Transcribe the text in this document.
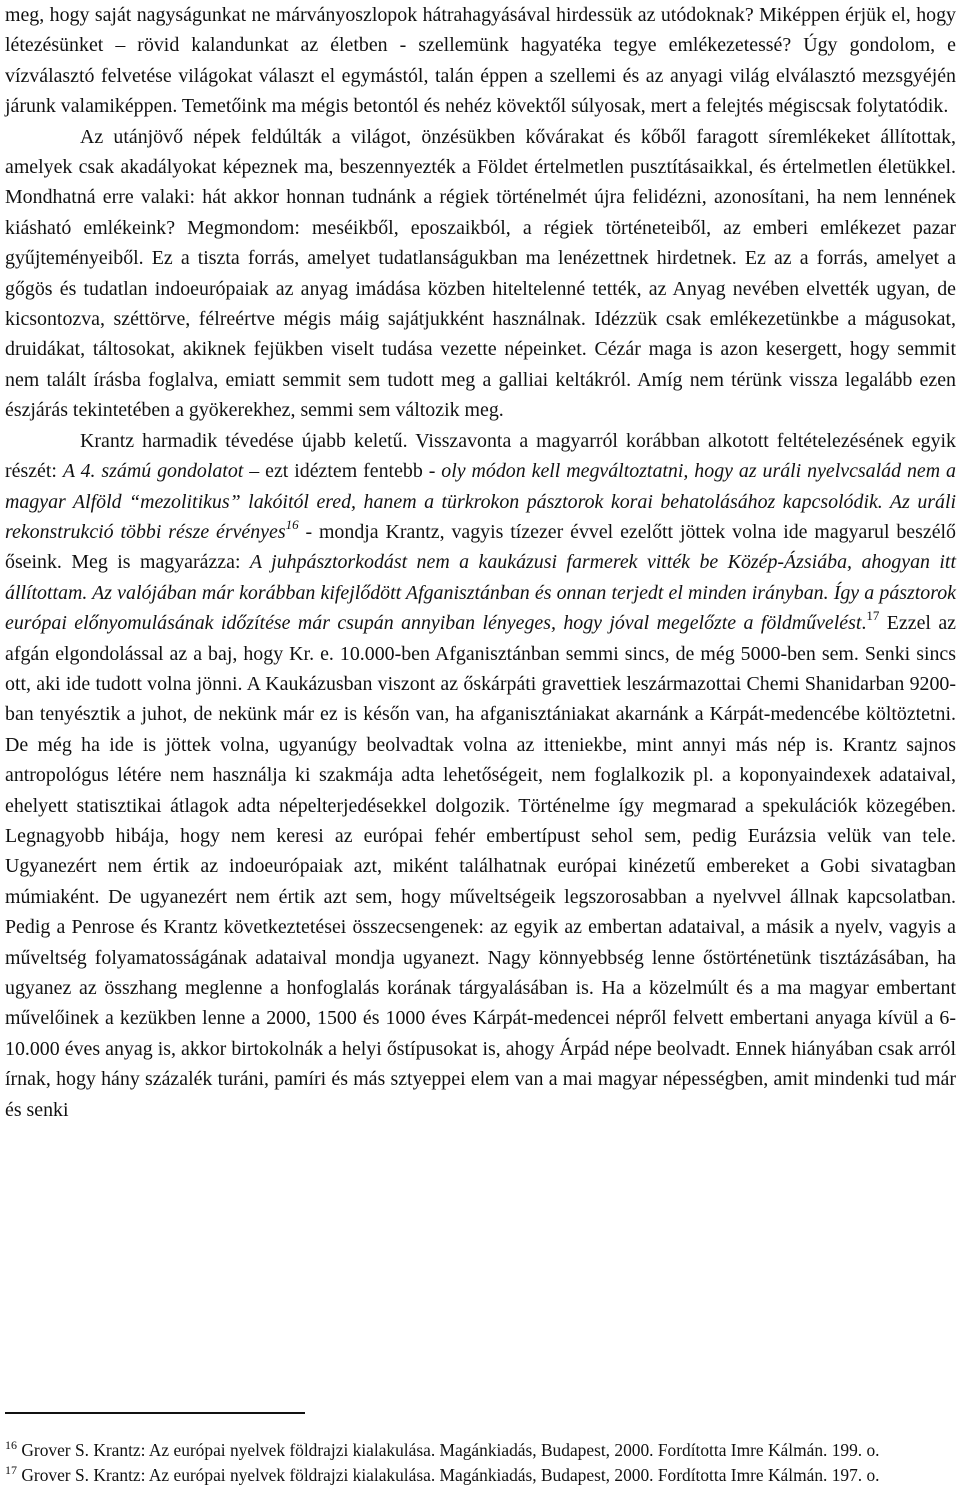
meg, hogy saját nagyságunkat ne márványoszlopok hátrahagyásával hirdessük az utódoknak? Miképpen érjük el, hogy létezésünket – rövid kalandunkat az életben - szellemünk hagyatéka tegye emlékezetessé? Úgy gondolom, e vízválasztó felvetése világokat választ el egymástól, talán éppen a szellemi és az anyagi világ elválasztó mezsgyéjén járunk valamiképpen. Temetőink ma mégis betontól és nehéz kövektől súlyosak, mert a felejtés mégiscsak folytatódik.

Az utánjövő népek feldúlták a világot, önzésükben kővárakat és kőből faragott síremlékeket állítottak, amelyek csak akadályokat képeznek ma, beszennyezték a Földet értelmetlen pusztításaikkal, és értelmetlen életükkel. Mondhatná erre valaki: hát akkor honnan tudnánk a régiek történelmét újra felidézni, azonosítani, ha nem lennének kiásható emlékeink? Megmondom: meséikből, eposzaikból, a régiek történeteiből, az emberi emlékezet pazar gyűjteményeiből. Ez a tiszta forrás, amelyet tudatlanságukban ma lenézettnek hirdetnek. Ez az a forrás, amelyet a gőgös és tudatlan indoeurópaiak az anyag imádása közben hiteltelenné tették, az Anyag nevében elvették ugyan, de kicsontozva, széttörve, félreértve mégis máig sajátjukként használnak. Idézzük csak emlékezetünkbe a mágusokat, druidákat, táltosokat, akiknek fejükben viselt tudása vezette népeinket. Cézár maga is azon kesergett, hogy semmit nem talált írásba foglalva, emiatt semmit sem tudott meg a galliai keltákról. Amíg nem térünk vissza legalább ezen észjárás tekintetében a gyökerekhez, semmi sem változik meg.

Krantz harmadik tévedése újabb keletű. Visszavonta a magyarról korábban alkotott feltételezésének egyik részét: A 4. számú gondolatot – ezt idéztem fentebb - oly módon kell megváltoztatni, hogy az uráli nyelvcsalád nem a magyar Alföld “mezolitikus” lakóitól ered, hanem a türkrokon pásztorok korai behatolásához kapcsolódik. Az uráli rekonstrukció többi része érvényes$^{16}$ - mondja Krantz, vagyis tízezer évvel ezelőtt jöttek volna ide magyarul beszélő őseink. Meg is magyarázza: A juhpásztorkodást nem a kaukázusi farmerek vitték be Közép-Ázsiába, ahogyan itt állítottam. Az valójában már korábban kifejlődött Afganisztánban és onnan terjedt el minden irányban. Így a pásztorok európai előnyomulásának időzítése már csupán annyiban lényeges, hogy jóval megelőzte a földművelést.$^{17}$ Ezzel az afgán elgondolással az a baj, hogy Kr. e. 10.000-ben Afganisztánban semmi sincs, de még 5000-ben sem. Senki sincs ott, aki ide tudott volna jönni. A Kaukázusban viszont az őskárpáti gravettiek leszármazottai Chemi Shanidarban 9200-ban tenyésztik a juhot, de nekünk már ez is későn van, ha afganisztániakat akarnánk a Kárpát-medencébe költöztetni. De még ha ide is jöttek volna, ugyanúgy beolvadtak volna az itteniekbe, mint annyi más nép is. Krantz sajnos antropológus létére nem használja ki szakmája adta lehetőségeit, nem foglalkozik pl. a koponyaindexek adataival, ehelyett statisztikai átlagok adta népelterjedésekkel dolgozik. Történelme így megmarad a spekulációk közegében. Legnagyobb hibája, hogy nem keresi az európai fehér embertípust sehol sem, pedig Eurázsia velük van tele. Ugyanezért nem értik az indoeurópaiak azt, miként találhatnak európai kinézetű embereket a Gobi sivatagban múmiaként. De ugyanezért nem értik azt sem, hogy műveltségeik legszorosabban a nyelvvel állnak kapcsolatban. Pedig a Penrose és Krantz következtetései összecsengenek: az egyik az embertan adataival, a másik a nyelv, vagyis a műveltség folyamatosságának adataival mondja ugyanezt. Nagy könnyebbség lenne őstörténetünk tisztázásában, ha ugyanez az összhang meglenne a honfoglalás korának tárgyalásában is. Ha a közelmúlt és a ma magyar embertant művelőinek a kezükben lenne a 2000, 1500 és 1000 éves Kárpát-medencei népről felvett embertani anyaga kívül a 6-10.000 éves anyag is, akkor birtokolnák a helyi őstípusokat is, ahogy Árpád népe beolvadt. Ennek hiányában csak arról írnak, hogy hány százalék turáni, pamíri és más sztyeppei elem van a mai magyar népességben, amit mindenki tud már és senki

$^{16}$ Grover S. Krantz: Az európai nyelvek földrajzi kialakulása. Magánkiadás, Budapest, 2000. Fordította Imre Kálmán. 199. o.

$^{17}$ Grover S. Krantz: Az európai nyelvek földrajzi kialakulása. Magánkiadás, Budapest, 2000. Fordította Imre Kálmán. 197. o.
